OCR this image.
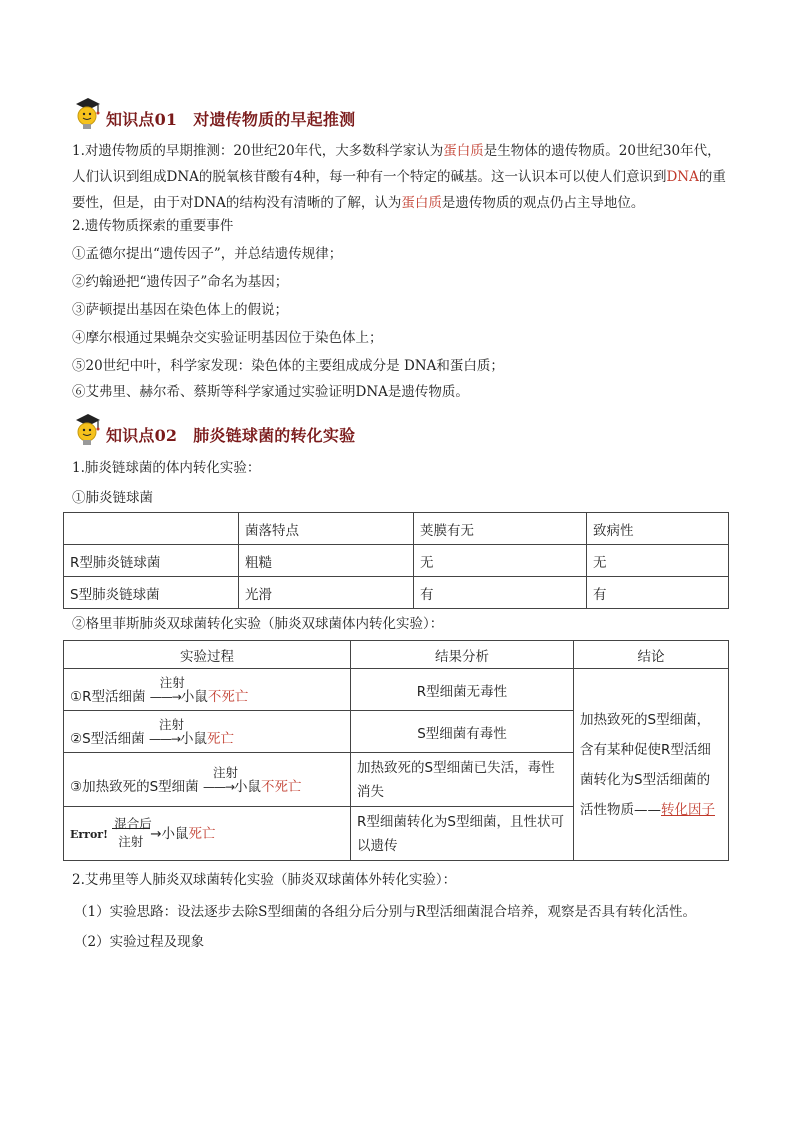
知识点01 对遗传物质的早起推测
1.对遗传物质的早期推测：20世纪20年代，大多数科学家认为蛋白质是生物体的遗传物质。20世纪30年代，人们认识到组成DNA的脱氧核苷酸有4种，每一种有一个特定的碱基。这一认识本可以使人们意识到DNA的重要性，但是，由于对DNA的结构没有清晰的了解，认为蛋白质是遗传物质的观点仍占主导地位。
2.遗传物质探索的重要事件
①孟德尔提出“遗传因子”，并总结遗传规律；
②约翰逊把“遗传因子”命名为基因；
③萨顿提出基因在染色体上的假说；
④摩尔根通过果蝇杂交实验证明基因位于染色体上；
⑤20世纪中叶，科学家发现：染色体的主要组成成分是 DNA和蛋白质；
⑥艾弗里、赫尔希、蔡斯等科学家通过实验证明DNA是遗传物质。
知识点02 肺炎链球菌的转化实验
1.肺炎链球菌的体内转化实验：
①肺炎链球菌
	菌落特点	荚膜有无	致病性
R型肺炎链球菌	粗糙	无	无
S型肺炎链球菌	光滑	有	有
②格里菲斯肺炎双球菌转化实验（肺炎双球菌体内转化实验）：
实验过程	结果分析	结论
①R型活细菌
注射
——→小鼠不死亡	R型细菌无毒性	加热致死的S型细菌，含有某种促使R型活细菌转化为S型活细菌的活性物质——转化因子
②S型活细菌
注射
——→小鼠死亡	S型细菌有毒性	
③加热致死的S型细菌
注射
——→小鼠不死亡	加热致死的S型细菌已失活，毒性消失	
Error!
混合后
注射 →小鼠死亡	R型细菌转化为S型细菌，且性状可以遗传	
2.艾弗里等人肺炎双球菌转化实验（肺炎双球菌体外转化实验）：
（1）实验思路：设法逐步去除S型细菌的各组分后分别与R型活细菌混合培养，观察是否具有转化活性。
（2）实验过程及现象
